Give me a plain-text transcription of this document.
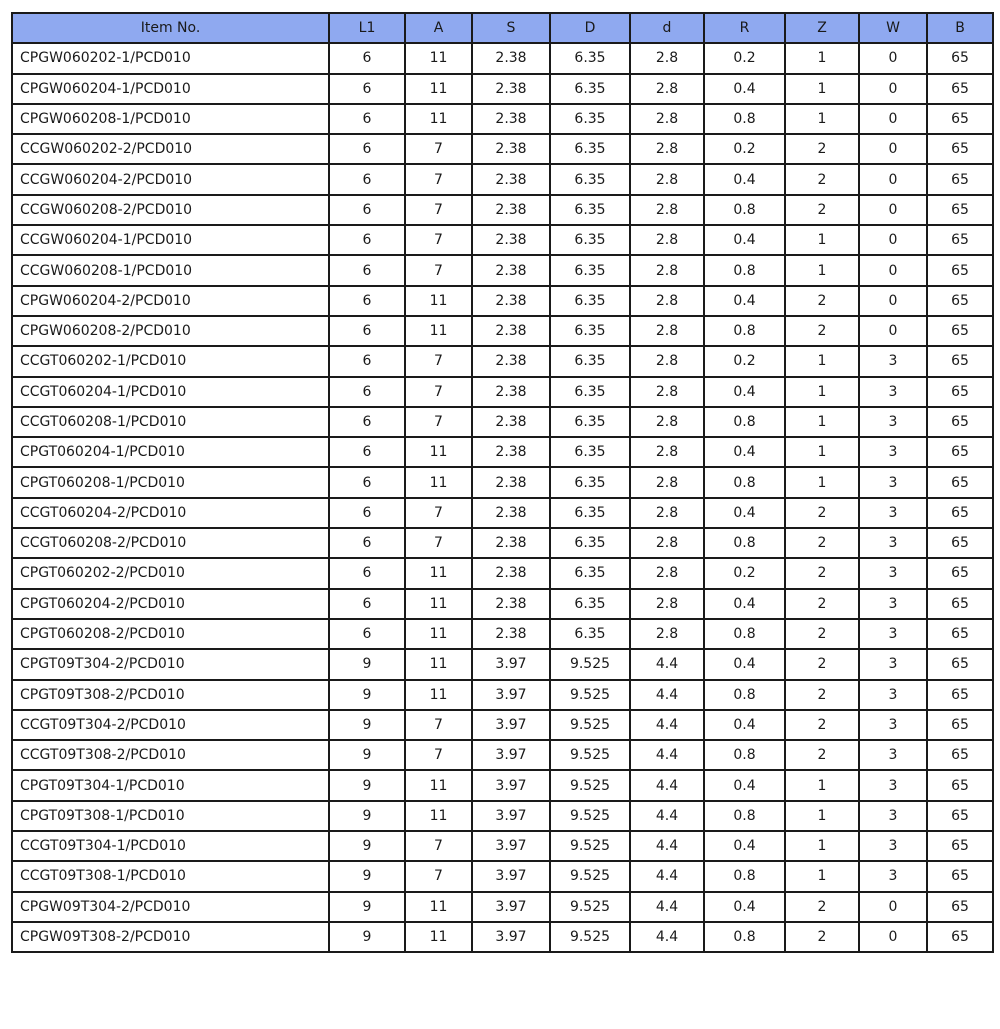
Item No.	L1	A	S	D	d	R	Z	W	B
CPGW060202-1/PCD010	6	11	2.38	6.35	2.8	0.2	1	0	65
CPGW060204-1/PCD010	6	11	2.38	6.35	2.8	0.4	1	0	65
CPGW060208-1/PCD010	6	11	2.38	6.35	2.8	0.8	1	0	65
CCGW060202-2/PCD010	6	7	2.38	6.35	2.8	0.2	2	0	65
CCGW060204-2/PCD010	6	7	2.38	6.35	2.8	0.4	2	0	65
CCGW060208-2/PCD010	6	7	2.38	6.35	2.8	0.8	2	0	65
CCGW060204-1/PCD010	6	7	2.38	6.35	2.8	0.4	1	0	65
CCGW060208-1/PCD010	6	7	2.38	6.35	2.8	0.8	1	0	65
CPGW060204-2/PCD010	6	11	2.38	6.35	2.8	0.4	2	0	65
CPGW060208-2/PCD010	6	11	2.38	6.35	2.8	0.8	2	0	65
CCGT060202-1/PCD010	6	7	2.38	6.35	2.8	0.2	1	3	65
CCGT060204-1/PCD010	6	7	2.38	6.35	2.8	0.4	1	3	65
CCGT060208-1/PCD010	6	7	2.38	6.35	2.8	0.8	1	3	65
CPGT060204-1/PCD010	6	11	2.38	6.35	2.8	0.4	1	3	65
CPGT060208-1/PCD010	6	11	2.38	6.35	2.8	0.8	1	3	65
CCGT060204-2/PCD010	6	7	2.38	6.35	2.8	0.4	2	3	65
CCGT060208-2/PCD010	6	7	2.38	6.35	2.8	0.8	2	3	65
CPGT060202-2/PCD010	6	11	2.38	6.35	2.8	0.2	2	3	65
CPGT060204-2/PCD010	6	11	2.38	6.35	2.8	0.4	2	3	65
CPGT060208-2/PCD010	6	11	2.38	6.35	2.8	0.8	2	3	65
CPGT09T304-2/PCD010	9	11	3.97	9.525	4.4	0.4	2	3	65
CPGT09T308-2/PCD010	9	11	3.97	9.525	4.4	0.8	2	3	65
CCGT09T304-2/PCD010	9	7	3.97	9.525	4.4	0.4	2	3	65
CCGT09T308-2/PCD010	9	7	3.97	9.525	4.4	0.8	2	3	65
CPGT09T304-1/PCD010	9	11	3.97	9.525	4.4	0.4	1	3	65
CPGT09T308-1/PCD010	9	11	3.97	9.525	4.4	0.8	1	3	65
CCGT09T304-1/PCD010	9	7	3.97	9.525	4.4	0.4	1	3	65
CCGT09T308-1/PCD010	9	7	3.97	9.525	4.4	0.8	1	3	65
CPGW09T304-2/PCD010	9	11	3.97	9.525	4.4	0.4	2	0	65
CPGW09T308-2/PCD010	9	11	3.97	9.525	4.4	0.8	2	0	65
